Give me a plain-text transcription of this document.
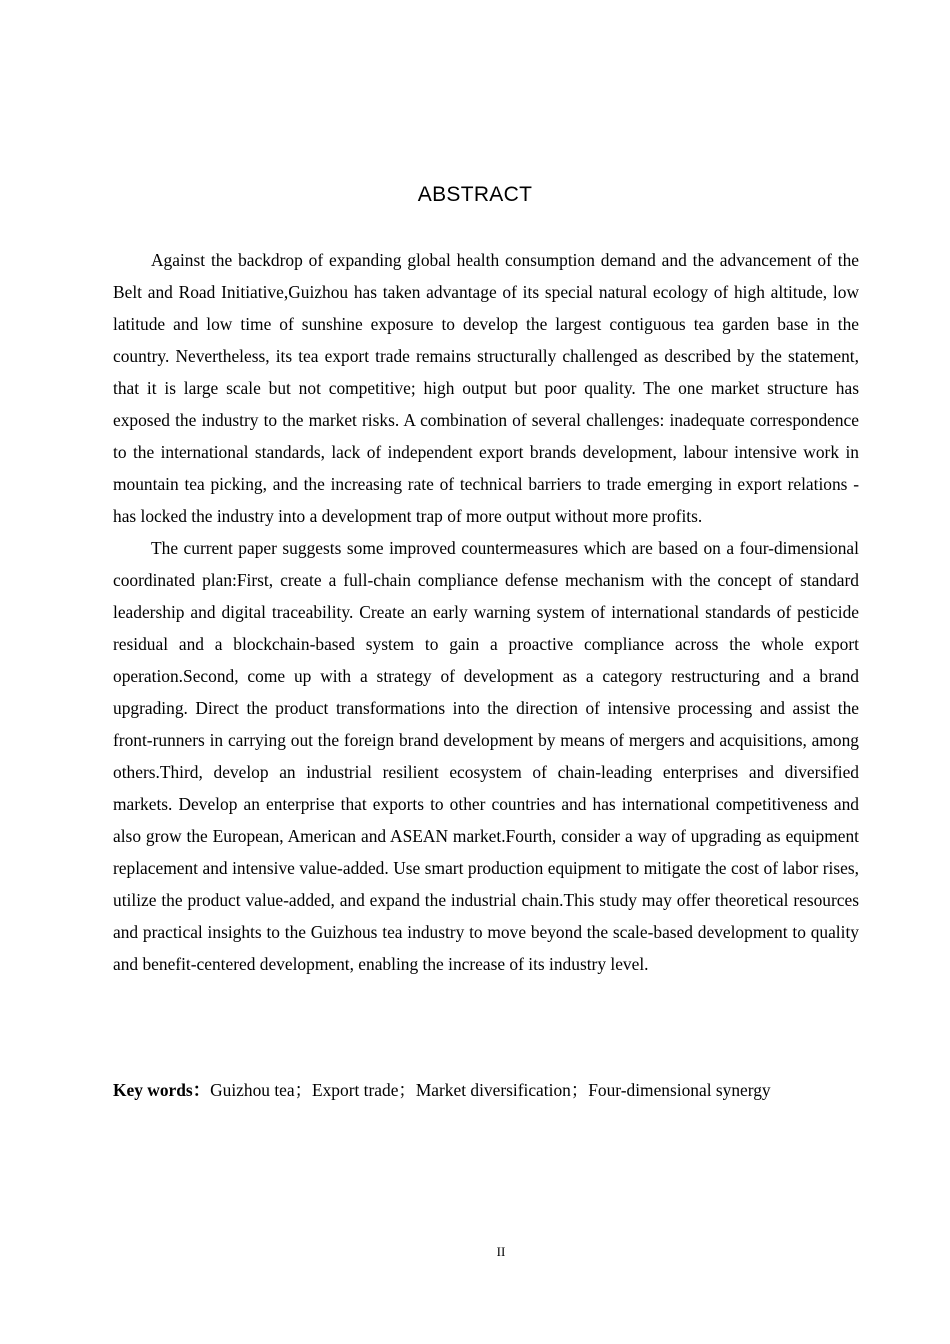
ABSTRACT

Against the backdrop of expanding global health consumption demand and the advancement of the Belt and Road Initiative,Guizhou has taken advantage of its special natural ecology of high altitude, low latitude and low time of sunshine exposure to develop the largest contiguous tea garden base in the country. Nevertheless, its tea export trade remains structurally challenged as described by the statement, that it is large scale but not competitive; high output but poor quality. The one market structure has exposed the industry to the market risks. A combination of several challenges: inadequate correspondence to the international standards, lack of independent export brands development, labour intensive work in mountain tea picking, and the increasing rate of technical barriers to trade emerging in export relations - has locked the industry into a development trap of more output without more profits.

The current paper suggests some improved countermeasures which are based on a four-dimensional coordinated plan:First, create a full-chain compliance defense mechanism with the concept of standard leadership and digital traceability. Create an early warning system of international standards of pesticide residual and a blockchain-based system to gain a proactive compliance across the whole export operation.Second, come up with a strategy of development as a category restructuring and a brand upgrading. Direct the product transformations into the direction of intensive processing and assist the front-runners in carrying out the foreign brand development by means of mergers and acquisitions, among others.Third, develop an industrial resilient ecosystem of chain-leading enterprises and diversified markets. Develop an enterprise that exports to other countries and has international competitiveness and also grow the European, American and ASEAN market.Fourth, consider a way of upgrading as equipment replacement and intensive value-added. Use smart production equipment to mitigate the cost of labor rises, utilize the product value-added, and expand the industrial chain.This study may offer theoretical resources and practical insights to the Guizhous tea industry to move beyond the scale-based development to quality and benefit-centered development, enabling the increase of its industry level.

Key words：Guizhou tea；Export trade；Market diversification；Four-dimensional synergy
II
